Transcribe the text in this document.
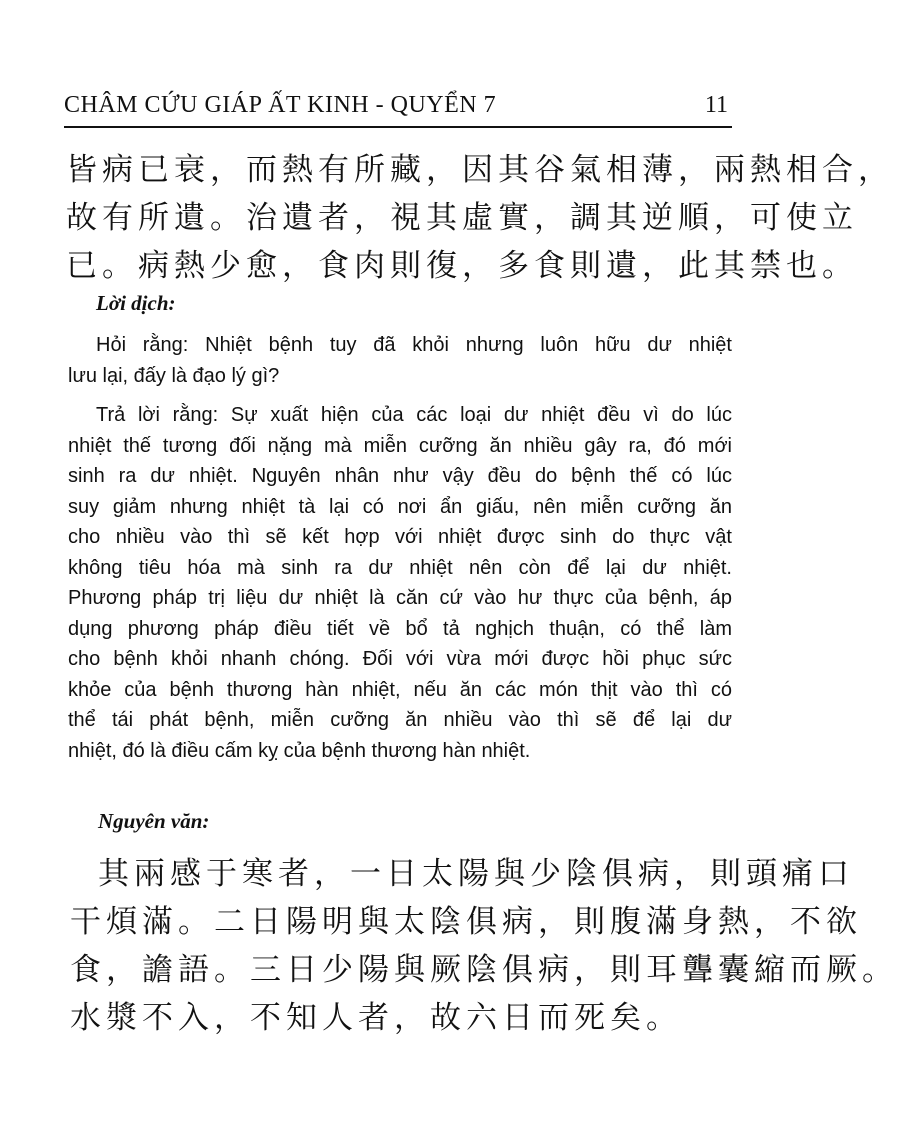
CHÂM CỨU GIÁP ẤT KINH - QUYỂN 7	11
皆病已衰，而熱有所藏，因其谷氣相薄，兩熱相合，
故有所遺。治遺者，視其虛實，調其逆順，可使立
已。病熱少愈，食肉則復，多食則遺，此其禁也。

Lời dịch:

Hỏi rằng: Nhiệt bệnh tuy đã khỏi nhưng luôn hữu dư nhiệt
lưu lại, đấy là đạo lý gì?
Trả lời rằng: Sự xuất hiện của các loại dư nhiệt đều vì do lúc
nhiệt thế tương đối nặng mà miễn cưỡng ăn nhiều gây ra, đó mới
sinh ra dư nhiệt. Nguyên nhân như vậy đều do bệnh thế có lúc
suy giảm nhưng nhiệt tà lại có nơi ẩn giấu, nên miễn cưỡng ăn
cho nhiều vào thì sẽ kết hợp với nhiệt được sinh do thực vật
không tiêu hóa mà sinh ra dư nhiệt nên còn để lại dư nhiệt.
Phương pháp trị liệu dư nhiệt là căn cứ vào hư thực của bệnh, áp
dụng phương pháp điều tiết về bổ tả nghịch thuận, có thể làm
cho bệnh khỏi nhanh chóng. Đối với vừa mới được hồi phục sức
khỏe của bệnh thương hàn nhiệt, nếu ăn các món thịt vào thì có
thể tái phát bệnh, miễn cưỡng ăn nhiều vào thì sẽ để lại dư
nhiệt, đó là điều cấm kỵ của bệnh thương hàn nhiệt.

Nguyên văn:

其兩感于寒者，一日太陽與少陰俱病，則頭痛口
干煩滿。二日陽明與太陰俱病，則腹滿身熱，不欲
食，譫語。三日少陽與厥陰俱病，則耳聾囊縮而厥。
水漿不入，不知人者，故六日而死矣。
